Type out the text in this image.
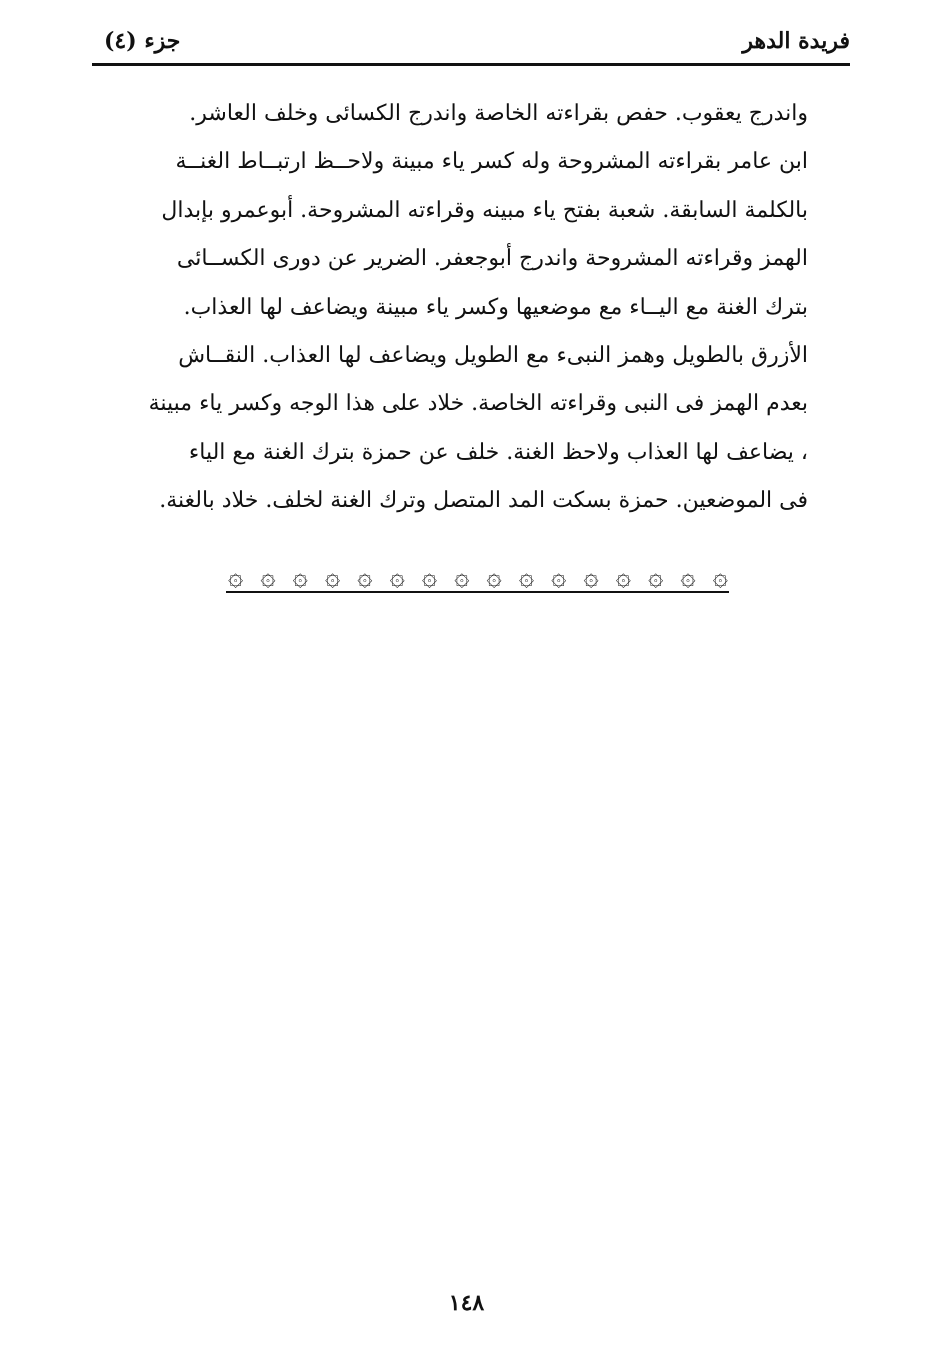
فريدة الدهر
جزء (٤)
واندرج يعقوب. حفص بقراءته الخاصة واندرج الكسائى وخلف العاشر.
ابن عامر بقراءته المشروحة وله كسر ياء مبينة ولاحــظ ارتبــاط الغنــة
بالكلمة السابقة. شعبة بفتح ياء مبينه وقراءته المشروحة. أبوعمرو بإبدال
الهمز وقراءته المشروحة واندرج أبوجعفر. الضرير عن دورى الكســائى
بترك الغنة مع اليــاء مع موضعيها وكسر ياء مبينة ويضاعف لها العذاب.
الأزرق بالطويل وهمز النبىء مع الطويل ويضاعف لها العذاب. النقــاش
بعدم الهمز فى النبى وقراءته الخاصة. خلاد على هذا الوجه وكسر ياء مبينة
، يضاعف لها العذاب ولاحظ الغنة. خلف عن حمزة بترك الغنة مع الياء
فى الموضعين. حمزة بسكت المد المتصل وترك الغنة لخلف. خلاد بالغنة.
۞ ۞ ۞ ۞ ۞ ۞ ۞ ۞ ۞ ۞ ۞ ۞ ۞ ۞ ۞ ۞
١٤٨
